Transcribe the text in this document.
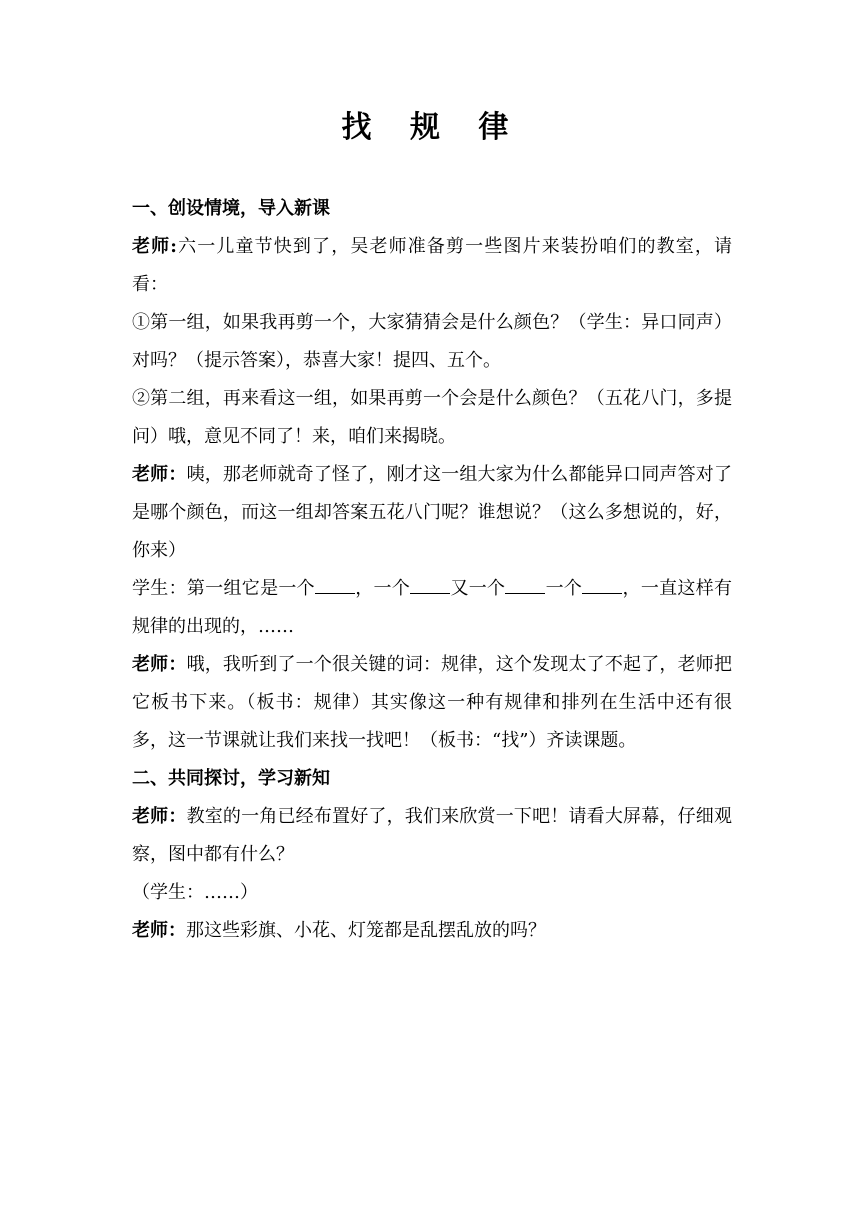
找 规 律

一、创设情境，导入新课

老师:六一儿童节快到了，吴老师准备剪一些图片来装扮咱们的教室，请看：

①第一组，如果我再剪一个，大家猜猜会是什么颜色？（学生：异口同声）对吗？（提示答案），恭喜大家！提四、五个。

②第二组，再来看这一组，如果再剪一个会是什么颜色？（五花八门，多提问）哦，意见不同了！来，咱们来揭晓。

老师：咦，那老师就奇了怪了，刚才这一组大家为什么都能异口同声答对了是哪个颜色，而这一组却答案五花八门呢？谁想说？（这么多想说的，好，你来）

学生：第一组它是一个 ，一个 又一个 一个 ，一直这样有规律的出现的，……

老师：哦，我听到了一个很关键的词：规律，这个发现太了不起了，老师把它板书下来。（板书：规律）其实像这一种有规律和排列在生活中还有很多，这一节课就让我们来找一找吧！（板书：“找”）齐读课题。

二、共同探讨，学习新知

老师：教室的一角已经布置好了，我们来欣赏一下吧！请看大屏幕，仔细观察，图中都有什么？

（学生：……）

老师：那这些彩旗、小花、灯笼都是乱摆乱放的吗？
